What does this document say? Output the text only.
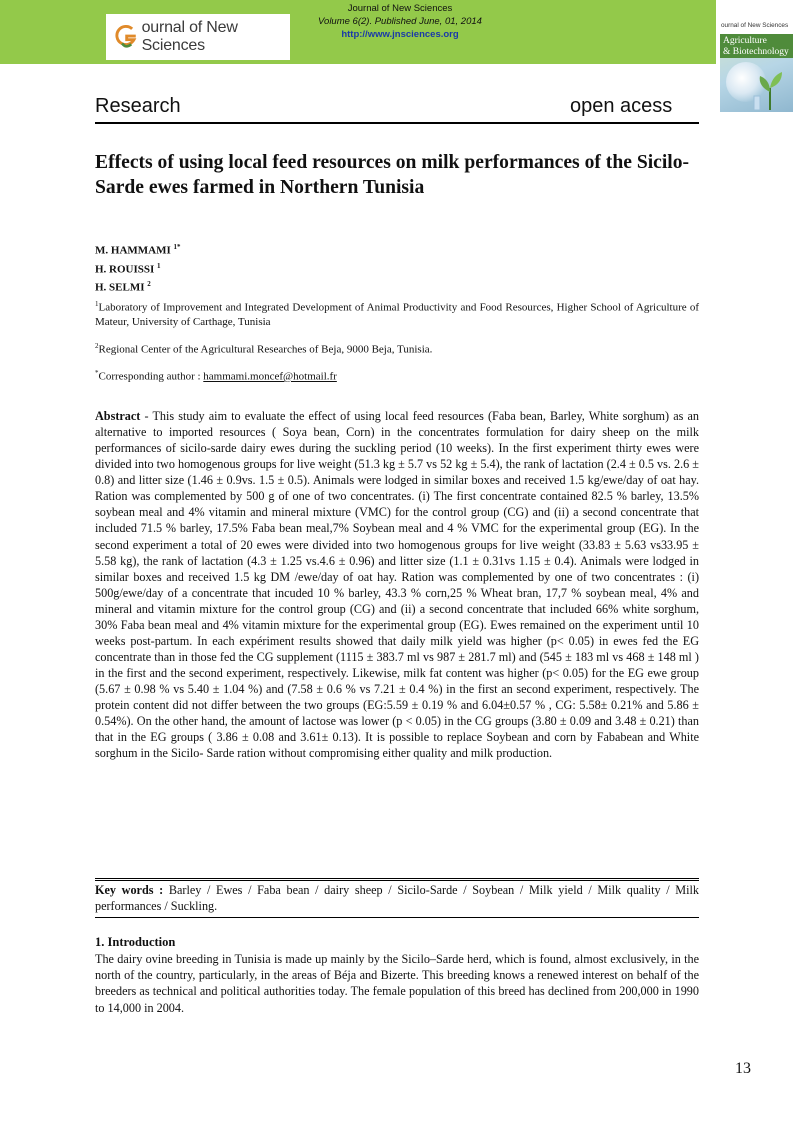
ournal of New Sciences
Journal of New Sciences
Volume 6(2). Published June, 01, 2014
http://www.jnsciences.org
ournal of New Sciences
Agriculture
& Biotechnology
Research	open acess
Effects of using local feed resources on milk performances of the Sicilo-Sarde ewes farmed in Northern Tunisia
M. HAMMAMI $^{1*}$
H. ROUISSI $^1$
H. SELMI $^2$
$^1$Laboratory of Improvement and Integrated Development of Animal Productivity and Food Resources, Higher School of Agriculture of Mateur, University of Carthage, Tunisia
$^2$Regional Center of the Agricultural Researches of Beja, 9000 Beja, Tunisia.
*Corresponding author : hammami.moncef@hotmail.fr

Abstract - This study aim to evaluate the effect of using local feed resources (Faba bean, Barley, White sorghum) as an alternative to imported resources ( Soya bean, Corn) in the concentrates formulation for dairy sheep on the milk performances of sicilo-sarde dairy ewes during the suckling period (10 weeks). In the first experiment thirty ewes were divided into two homogenous groups for live weight (51.3 kg ± 5.7 vs 52 kg ± 5.4), the rank of lactation (2.4 ± 0.5 vs. 2.6 ± 0.8) and litter size (1.46 ± 0.9vs. 1.5 ± 0.5). Animals were lodged in similar boxes and received 1.5 kg/ewe/day of oat hay. Ration was complemented by 500 g of one of two concentrates. (i) The first concentrate contained 82.5 % barley, 13.5% soybean meal and 4% vitamin and mineral mixture (VMC) for the control group (CG) and (ii) a second concentrate that included 71.5 % barley, 17.5% Faba bean meal,7% Soybean meal and 4 % VMC for the experimental group (EG). In the second experiment a total of 20 ewes were divided into two homogenous groups for live weight (33.83 ± 5.63 vs33.95 ± 5.58 kg), the rank of lactation (4.3 ± 1.25 vs.4.6 ± 0.96) and litter size (1.1 ± 0.31vs 1.15 ± 0.4). Animals were lodged in similar boxes and received 1.5 kg DM /ewe/day of oat hay. Ration was complemented by one of two concentrates : (i) 500g/ewe/day of a concentrate that incuded 10 % barley, 43.3 % corn,25 % Wheat bran, 17,7 % soybean meal, 4% and mineral and vitamin mixture for the control group (CG) and (ii) a second concentrate that included 66% white sorghum, 30% Faba bean meal and 4% vitamin mixture for the experimental group (EG). Ewes remained on the experiment until 10 weeks post-partum. In each expériment results showed that daily milk yield was higher (p< 0.05) in ewes fed the EG concentrate than in those fed the CG supplement (1115 ± 383.7 ml vs 987 ± 281.7 ml) and (545 ± 183 ml vs 468 ± 148 ml ) in the first and the second experiment, respectively. Likewise, milk fat content was higher (p< 0.05) for the EG ewe group (5.67 ± 0.98 % vs 5.40 ± 1.04 %) and (7.58 ± 0.6 % vs 7.21 ± 0.4 %) in the first an second experiment, respectively. The protein content did not differ between the two groups (EG:5.59 ± 0.19 % and 6.04±0.57 % , CG: 5.58± 0.21% and 5.86 ± 0.54%). On the other hand, the amount of lactose was lower (p < 0.05) in the CG groups (3.80 ± 0.09 and 3.48 ± 0.21) than that in the EG groups ( 3.86 ± 0.08 and 3.61± 0.13). It is possible to replace Soybean and corn by Fababean and White sorghum in the Sicilo- Sarde ration without compromising either quality and milk production.

Key words : Barley / Ewes / Faba bean / dairy sheep / Sicilo-Sarde / Soybean / Milk yield / Milk quality / Milk performances / Suckling.

1. Introduction

The dairy ovine breeding in Tunisia is made up mainly by the Sicilo–Sarde herd, which is found, almost exclusively, in the north of the country, particularly, in the areas of Béja and Bizerte. This breeding knows a renewed interest on behalf of the breeders as technical and political authorities today. The female population of this breed has declined from 200,000 in 1990 to 14,000 in 2004.

13
